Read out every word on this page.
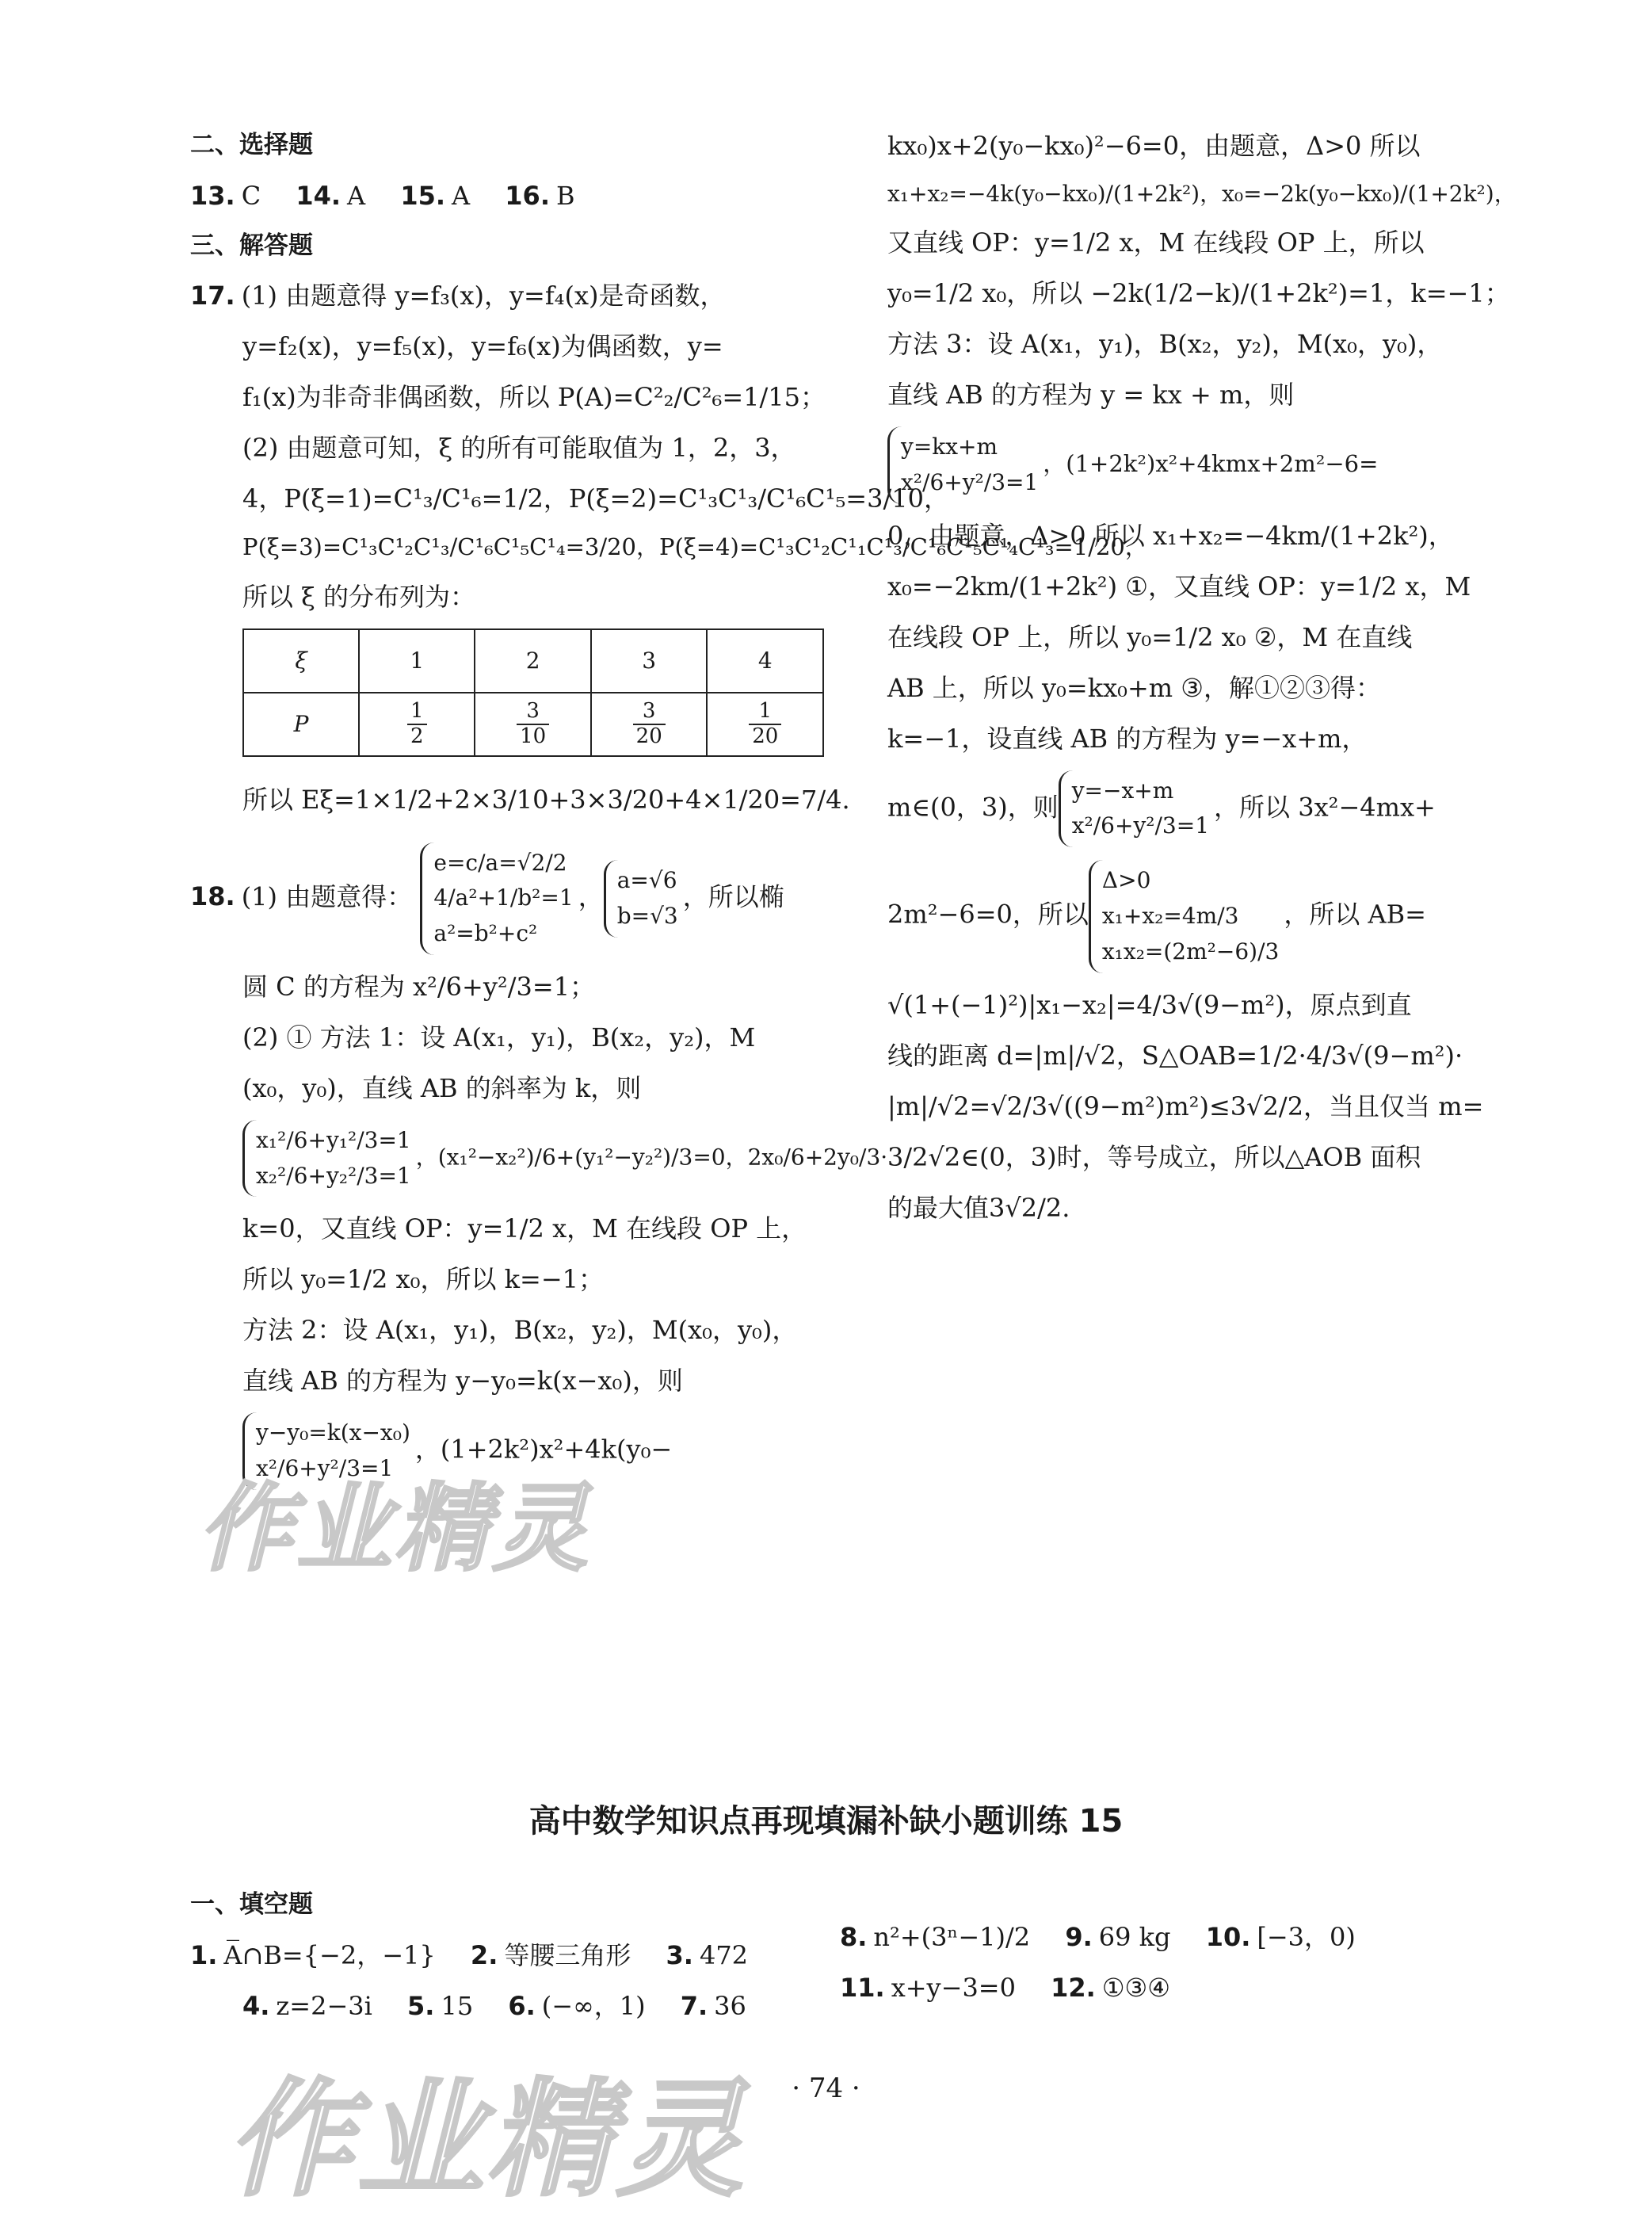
二、选择题
13. C 14. A 15. A 16. B
三、解答题
17. (1) 由题意得 y=f₃(x)，y=f₄(x)是奇函数，
y=f₂(x)，y=f₅(x)，y=f₆(x)为偶函数，y=
f₁(x)为非奇非偶函数，所以 P(A)=C²₂/C²₆=1/15；
(2) 由题意可知，ξ 的所有可能取值为 1，2，3，
4，P(ξ=1)=C¹₃/C¹₆=1/2，P(ξ=2)=C¹₃C¹₃/C¹₆C¹₅=3/10，
P(ξ=3)=C¹₃C¹₂C¹₃/C¹₆C¹₅C¹₄=3/20，P(ξ=4)=C¹₃C¹₂C¹₁C¹₃/C¹₆C¹₅C¹₄C¹₃=1/20，
所以 ξ 的分布列为：
ξ	1	2	3	4
P	$\frac{1}{2}$	$\frac{3}{10}$	$\frac{3}{20}$	$\frac{1}{20}$
所以 Eξ=1×1/2+2×3/10+3×3/20+4×1/20=7/4.
18. (1) 由题意得：
e=c/a=√2/2
4/a²+1/b²=1
a²=b²+c²
，
a=√6
b=√3
，所以椭
圆 C 的方程为 x²/6+y²/3=1；
(2) ① 方法 1：设 A(x₁，y₁)，B(x₂，y₂)，M
(x₀，y₀)，直线 AB 的斜率为 k，则
x₁²/6+y₁²/3=1
x₂²/6+y₂²/3=1
，(x₁²−x₂²)/6+(y₁²−y₂²)/3=0，2x₀/6+2y₀/3·
k=0，又直线 OP：y=1/2 x，M 在线段 OP 上，
所以 y₀=1/2 x₀，所以 k=−1；
方法 2：设 A(x₁，y₁)，B(x₂，y₂)，M(x₀，y₀)，
直线 AB 的方程为 y−y₀=k(x−x₀)，则
y−y₀=k(x−x₀)
x²/6+y²/3=1
，(1+2k²)x²+4k(y₀−
kx₀)x+2(y₀−kx₀)²−6=0，由题意，Δ>0 所以
x₁+x₂=−4k(y₀−kx₀)/(1+2k²)，x₀=−2k(y₀−kx₀)/(1+2k²)，
又直线 OP：y=1/2 x，M 在线段 OP 上，所以
y₀=1/2 x₀，所以 −2k(1/2−k)/(1+2k²)=1，k=−1；
方法 3：设 A(x₁，y₁)，B(x₂，y₂)，M(x₀，y₀)，
直线 AB 的方程为 y = kx + m，则
y=kx+m
x²/6+y²/3=1
，(1+2k²)x²+4kmx+2m²−6=
0，由题意，Δ>0 所以 x₁+x₂=−4km/(1+2k²)，
x₀=−2km/(1+2k²) ①，又直线 OP：y=1/2 x，M
在线段 OP 上，所以 y₀=1/2 x₀ ②，M 在直线
AB 上，所以 y₀=kx₀+m ③，解①②③得：
k=−1，设直线 AB 的方程为 y=−x+m，
m∈(0，3)，则
y=−x+m
x²/6+y²/3=1
，所以 3x²−4mx+
2m²−6=0，所以
Δ>0
x₁+x₂=4m/3
x₁x₂=(2m²−6)/3
，所以 AB=
√(1+(−1)²)|x₁−x₂|=4/3√(9−m²)，原点到直
线的距离 d=|m|/√2，S△OAB=1/2·4/3√(9−m²)·
|m|/√2=√2/3√((9−m²)m²)≤3√2/2，当且仅当 m=
3/2√2∈(0，3)时，等号成立，所以△AOB 面积
的最大值3√2/2.
高中数学知识点再现填漏补缺小题训练 15
一、填空题
1. A̅∩B={−2，−1} 2. 等腰三角形 3. 472
4. z=2−3i 5. 15 6. (−∞，1) 7. 36
8. n²+(3ⁿ−1)/2 9. 69 kg 10. [−3，0)
11. x+y−3=0 12. ①③④
· 74 ·
作业精灵
作业精灵
